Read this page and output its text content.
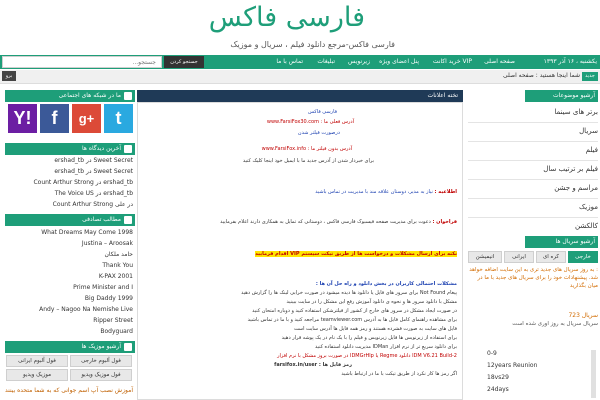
فارسی فاکس
فارسی فاکس-مرجع دانلود فیلم ، سریال و موزیک
یکشنبه ، ۱۶ آذر ۱۳۹۳
صفحه اصلی
خرید اکانت VIP
پنل اعضای ویژه
زیرنویس
تبلیغات
تماس با ما
جستجو...
جستجو کردن
برو	شما اینجا هستید : صفحه اصلی	جدید
ما در شبکه های اجتماعی
Y!	f	g+	t
آخرین دیدگاه ها
ershad_tb در Sweet Secret
ershad_tb در Sweet Secret
Count Arthur Strong در ershad_tb
The Voice US در ershad_tb
Count Arthur Strong در علی
مطالب تصادفی
What Dreams May Come 1998
Justina – Aroosak
حامد ملکان
Thank You
K-PAX 2001
Prime Minister and I
Big Daddy 1999
Andy – Nagoo Na Nemishe Live
Ripper Street
Bodyguard
آرشیو موزیک ها
فول آلبوم خارجی
فول آلبوم ایرانی
فول موزیک ویدیو
موزیک ویدیو
آموزش نصب آپ اسم جوانی که به شما متحده بینند
تخته اعلانات
فارسی فاکس
آدرس فعلی ما : www.FarsiFox30.com
درصورت فیلتر شدن
آدرس بدون فیلتر ما : www.FarsiFox.info
برای خبردار شدن از آدرس جدید ما با ایمیل خود اینجا کلیک کنید
اطلاعیه : نیاز به مدیر، دوستان علاقه مند با مدیریت در تماس باشید
فراخوان : دعوت برای مدیریت صفحه فیسبوک فارسی فاکس ، دوستانی که تمایل به همکاری دارند اعلام بفرمایید
نکته برای ارسال مشکلات و درخواست ها از طریق تیکت سیستم VIP اقدام فرمایید
مشکلات احتمالی کاربران در بخش دانلود و راه حل آن ها :
پیغام Not Found برای سرور های فایل یا دانلود ها دیده میشود در صورت خرابی لینک ها را گزارش دهید
مشکل با دانلود سرور ها و نحوه ی دانلود آموزش رفع این مشکل را در سایت ببینید
در صورت ایجاد مشکل در سرور های خارج از کشور از فیلترشکن استفاده کنید و دوباره امتحان کنید
برای مشاهده راهنمای کامل فایل ها به آدرس teamviewer.com مراجعه کنید و با ما در تماس باشید
فایل های سایت به صورت فشرده هستند و رمز همه فایل ها آدرس سایت است
برای استفاده از زیرنویس ها فایل زیرنویس و فیلم را با یک نام در یک پوشه قرار دهید
برای دانلود سریع تر از نرم افزار IDMan مدیریت دانلود استفاده کنید
IDM V6.21 Build-2 دانلود Regme یا IDMGrHlp در صورت بروز مشکل با نرم افزار
رمز فایل ها : farsifox.in/user
اگر رمز ها کار نکرد از طریق تیکت با ما در ارتباط باشید
آرشیو موضوعات
برتر های سینما
سریال
فیلم
فیلم بر ترتیب سال
مراسم و جشن
موزیک
کالکشن
آرشیو سریال ها
خارجی
کره ای
ایرانی
انیمیشن
: به روز سریال های جدید تری به این سایت اضافه خواهد شد. پیشنهادات خود را برای سریال های جدید با ما در میان بگذارید
سریال 723
سریال سریال به روز آوری شده است
0-9
12years Reunion
18vs29
24days
